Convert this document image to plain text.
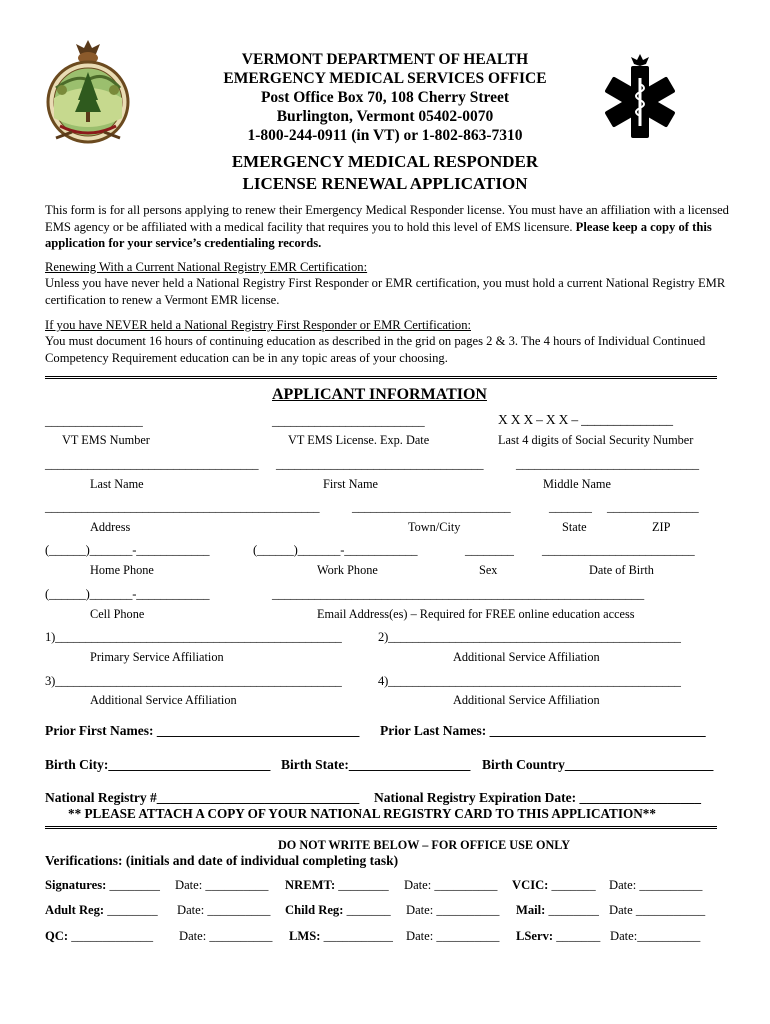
VERMONT DEPARTMENT OF HEALTH
EMERGENCY MEDICAL SERVICES OFFICE
Post Office Box 70, 108 Cherry Street
Burlington, Vermont 05402-0070
1-800-244-0911 (in VT) or 1-802-863-7310
EMERGENCY MEDICAL RESPONDER
LICENSE RENEWAL APPLICATION
This form is for all persons applying to renew their Emergency Medical Responder license. You must have an affiliation with a licensed EMS agency or be affiliated with a medical facility that requires you to hold this level of EMS licensure. Please keep a copy of this application for your service’s credentialing records.
Renewing With a Current National Registry EMR Certification:
Unless you have never held a National Registry First Responder or EMR certification, you must hold a current National Registry EMR certification to renew a Vermont EMR license.
If you have NEVER held a National Registry First Responder or EMR Certification:
You must document 16 hours of continuing education as described in the grid on pages 2 & 3. The 4 hours of Individual Continued Competency Requirement education can be in any topic areas of your choosing.
APPLICANT INFORMATION
________________	_________________________	X X X – X X – ______________
VT EMS Number	VT EMS License. Exp. Date	Last 4 digits of Social Security Number
___________________________________ __________________________________	______________________________
Last Name	First Name	Middle Name
_____________________________________________	__________________________	_______ _______________
Address	Town/City	State	ZIP
(______)_______-____________	(______)_______-____________	________ _________________________
Home Phone	Work Phone	Sex	Date of Birth
(______)_______-____________	_____________________________________________________________
Cell Phone	Email Address(es) – Required for FREE online education access
1)_______________________________________________	2)________________________________________________
Primary Service Affiliation	Additional Service Affiliation
3)_______________________________________________	4)________________________________________________
Additional Service Affiliation	Additional Service Affiliation
Prior First Names: ______________________________ Prior Last Names: ________________________________
Birth City:________________________ Birth State:__________________ Birth Country______________________
National Registry #______________________________ National Registry Expiration Date: __________________
** PLEASE ATTACH A COPY OF YOUR NATIONAL REGISTRY CARD TO THIS APPLICATION**
DO NOT WRITE BELOW – FOR OFFICE USE ONLY
Verifications: (initials and date of individual completing task)
Signatures: ________ Date: __________ NREMT: ________ Date: __________ VCIC: _______ Date: __________
Adult Reg: ________ Date: __________ Child Reg: _______ Date: __________ Mail: ________ Date ___________
QC: _____________ Date: __________ LMS: ___________ Date: __________ LServ: _______ Date:__________
